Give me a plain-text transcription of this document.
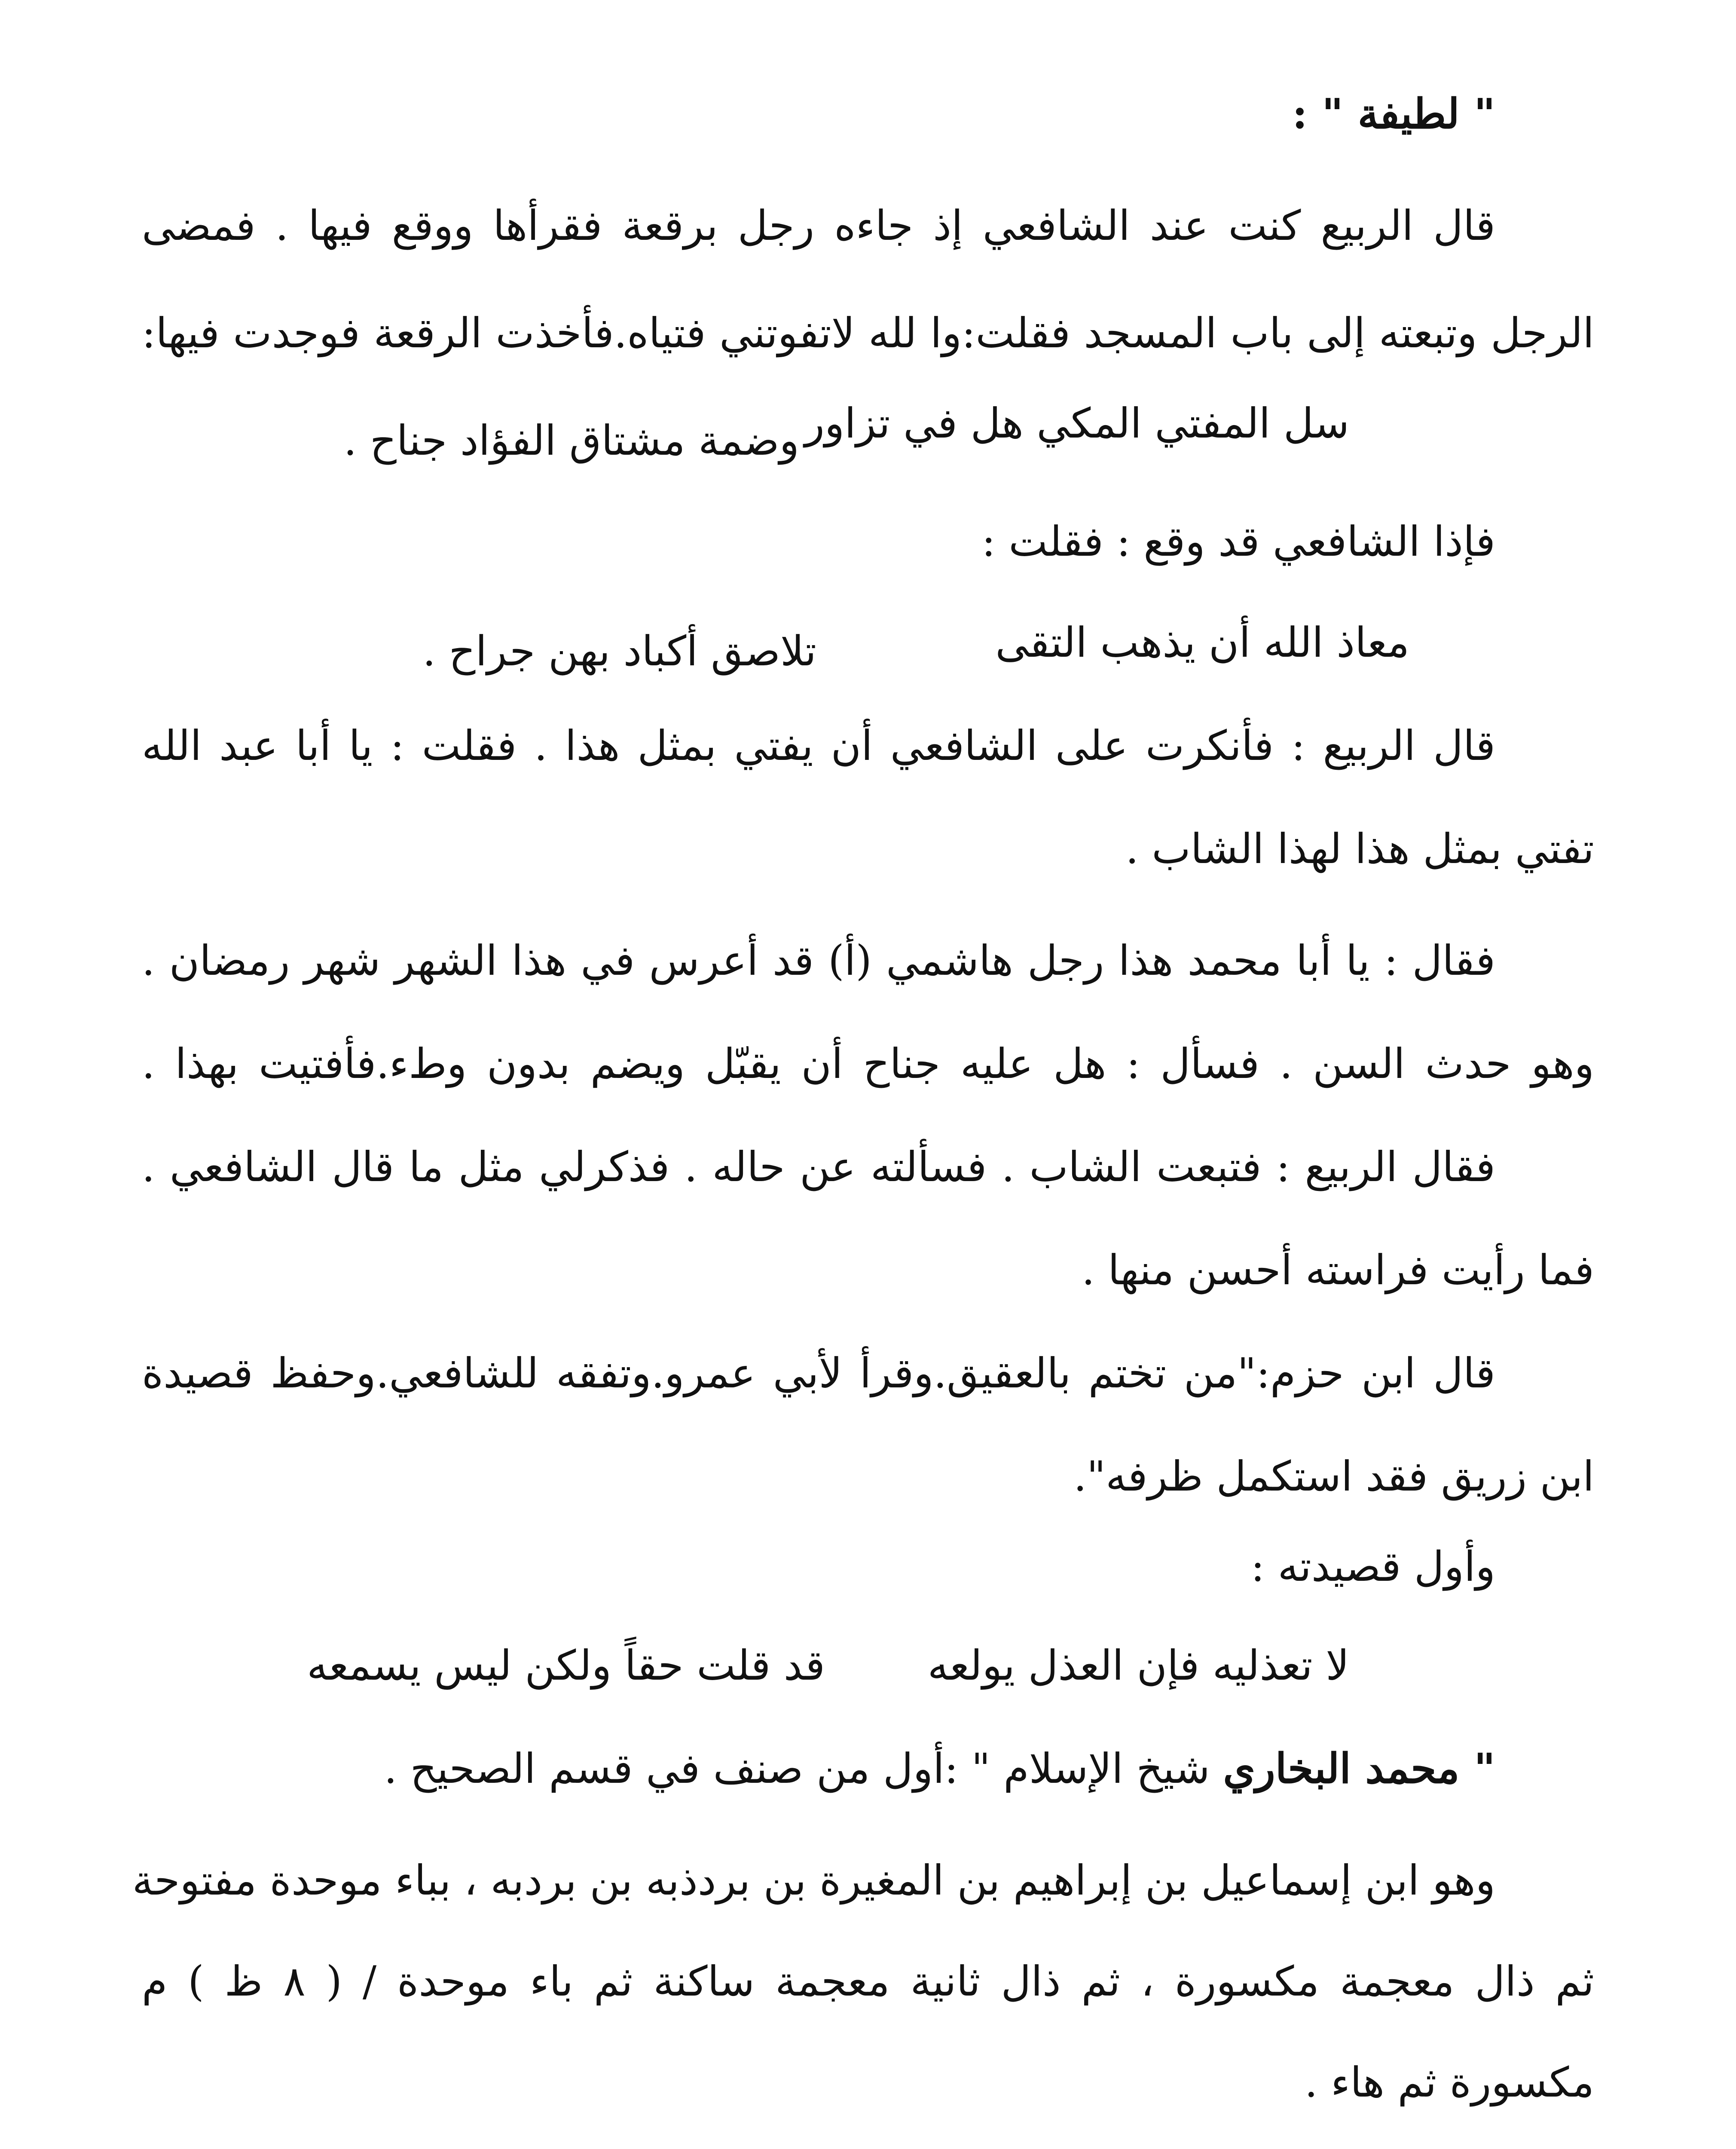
" لطيفة " :
قال الربيع كنت عند الشافعي إذ جاءه رجل برقعة فقرأها ووقع فيها . فمضى
الرجل وتبعته إلى باب المسجد فقلت:وا لله لاتفوتني فتياه.فأخذت الرقعة فوجدت فيها:
سل المفتي المكي هل في تزاور
وضمة مشتاق الفؤاد جناح .
فإذا الشافعي قد وقع : فقلت :
معاذ الله أن يذهب التقى
تلاصق أكباد بهن جراح .
قال الربيع : فأنكرت على الشافعي أن يفتي بمثل هذا . فقلت : يا أبا عبد الله
تفتي بمثل هذا لهذا الشاب .
فقال : يا أبا محمد هذا رجل هاشمي (أ) قد أعرس في هذا الشهر شهر رمضان .
وهو حدث السن . فسأل : هل عليه جناح أن يقبّل ويضم بدون وطء.فأفتيت بهذا .
فقال الربيع : فتبعت الشاب . فسألته عن حاله . فذكرلي مثل ما قال الشافعي .
فما رأيت فراسته أحسن منها .
قال ابن حزم:"من تختم بالعقيق.وقرأ لأبي عمرو.وتفقه للشافعي.وحفظ قصيدة
ابن زريق فقد استكمل ظرفه".
وأول قصيدته :
لا تعذليه فإن العذل يولعه
قد قلت حقاً ولكن ليس يسمعه
" محمد البخاري شيخ الإسلام " :أول من صنف في قسم الصحيح .
وهو ابن إسماعيل بن إبراهيم بن المغيرة بن بردذبه بن بردبه ، بباء موحدة مفتوحة
ثم ذال معجمة مكسورة ، ثم ذال ثانية معجمة ساكنة ثم باء موحدة / ( ٨ ظ ) م
مكسورة ثم هاء .
